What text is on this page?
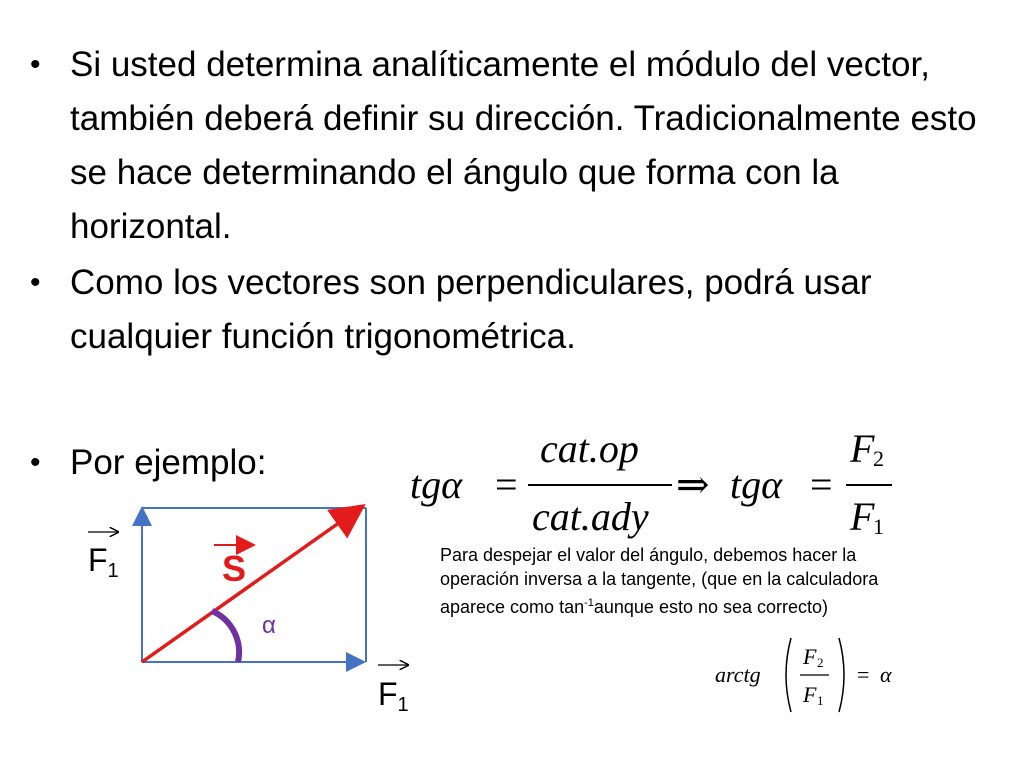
• Si usted determina analíticamente el módulo del vector, también deberá definir su dirección. Tradicionalmente esto se hace determinando el ángulo que forma con la horizontal.
• Como los vectores son perpendiculares, podrá usar cualquier función trigonométrica.
• Por ejemplo:	tgα =
cat.op
cat.ady
⇒ tgα =
F
2
F
1
$F_1$
$F_1$
S
α
Para despejar el valor del ángulo, debemos hacer la operación inversa a la tangente, (que en la calculadora aparece como $\tan^{-1}aunque$ esto no sea correcto)
arctg
F 2
F 1
= α
